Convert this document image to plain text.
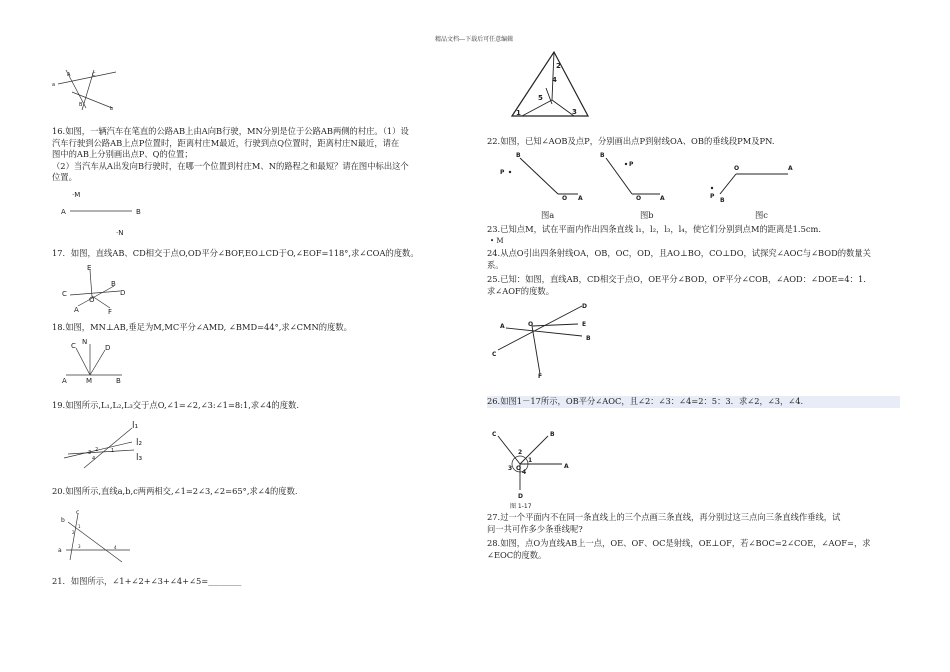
精品文档---下载后可任意编辑
a
A	C
B
b
16.如图，一辆汽车在笔直的公路AB上由A向B行驶，MN分别是位于公路AB两侧的村庄。（1）设
汽车行驶到公路AB上点P位置时，距离村庄M最近，行驶到点Q位置时，距离村庄N最近，请在
图中的AB上分别画出点P、Q的位置；
（2）当汽车从A出发向B行驶时，在哪一个位置到村庄M、N的路程之和最短？请在图中标出这个
位置。
·M
A	B
·N
17．如图，直线AB、CD相交于点O,OD平分∠BOF,EO⊥CD于O,∠EOF=118°,求∠COA的度数。
E
B
C
O
D
A	F
18.如图，MN⊥AB,垂足为M,MC平分∠AMD, ∠BMD=44°,求∠CMN的度数。
C N
D
A	M	B
19.如图所示,L₁,L₂,L₃交于点O,∠1=∠2,∠3:∠1=8:1,求∠4的度数.
l₁
l₂
l₃
1
2
3
4
20.如图所示,直线a,b,c两两相交,∠1=2∠3,∠2=65°,求∠4的度数.
c
b
a
1
2
3	4
21．如图所示，∠1+∠2+∠3+∠4+∠5=________
2
4
5
1	3
22.如图，已知∠AOB及点P，分别画出点P到射线OA、OB的垂线段PM及PN.
B
P
O A
B
P
O	A	P
B
O	A
图a	图b	图c
23.已知点M，试在平面内作出四条直线 l₁，l₂，l₃，l₄，使它们分别到点M的距离是1.5cm.
• M
24.从点O引出四条射线OA，OB，OC，OD，且AO⊥BO，CO⊥DO，试探究∠AOC与∠BOD的数量关
系。
25.已知：如图，直线AB，CD相交于点O，OE平分∠BOD，OF平分∠COB，∠AOD：∠DOE=4：1.
求∠AOF的度数。
A	O
D
E
B
C
F
26.如图1－17所示，OB平分∠AOC，且∠2：∠3：∠4=2：5：3．求∠2，∠3，∠4.
C	B
2
1
3 O
4
A
D
图 1-17
27.过一个平面内不在同一条直线上的三个点画三条直线，再分别过这三点向三条直线作垂线，试
问一共可作多少条垂线呢?
28.如图，点O为直线AB上一点，OE、OF、OC是射线，OE⊥OF，若∠BOC=2∠COE，∠AOF=，求
∠EOC的度数。
